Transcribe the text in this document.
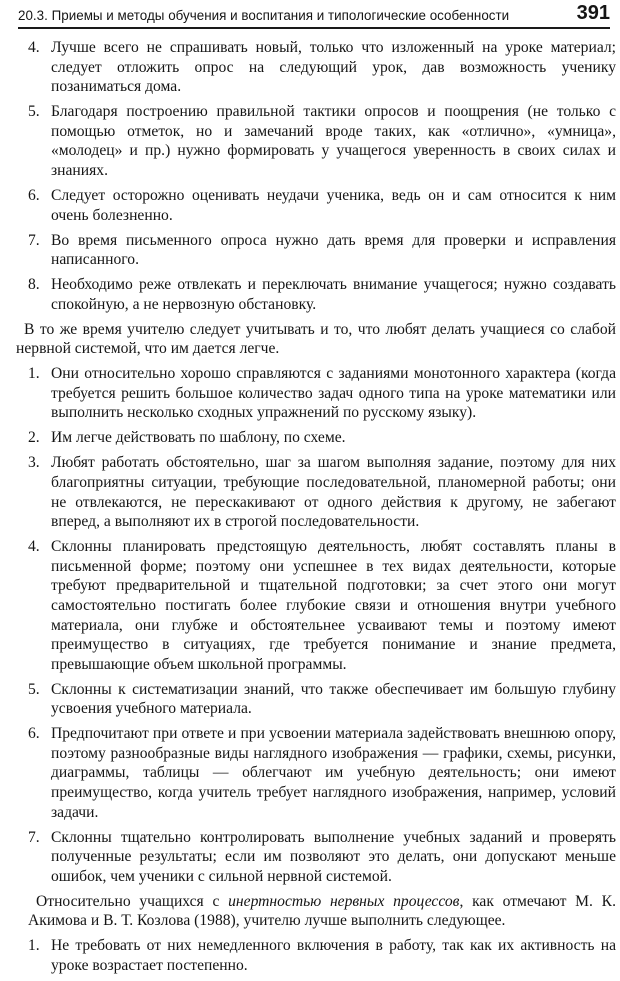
20.3. Приемы и методы обучения и воспитания и типологические особенности	391
4. Лучше всего не спрашивать новый, только что изложенный на уроке материал; следует отложить опрос на следующий урок, дав возможность ученику позаниматься дома.
5. Благодаря построению правильной тактики опросов и поощрения (не только с помощью отметок, но и замечаний вроде таких, как «отлично», «умница», «молодец» и пр.) нужно формировать у учащегося уверенность в своих силах и знаниях.
6. Следует осторожно оценивать неудачи ученика, ведь он и сам относится к ним очень болезненно.
7. Во время письменного опроса нужно дать время для проверки и исправления написанного.
8. Необходимо реже отвлекать и переключать внимание учащегося; нужно создавать спокойную, а не нервозную обстановку.

В то же время учителю следует учитывать и то, что любят делать учащиеся со слабой нервной системой, что им дается легче.

1. Они относительно хорошо справляются с заданиями монотонного характера (когда требуется решить большое количество задач одного типа на уроке математики или выполнить несколько сходных упражнений по русскому языку).
2. Им легче действовать по шаблону, по схеме.
3. Любят работать обстоятельно, шаг за шагом выполняя задание, поэтому для них благоприятны ситуации, требующие последовательной, планомерной работы; они не отвлекаются, не перескакивают от одного действия к другому, не забегают вперед, а выполняют их в строгой последовательности.
4. Склонны планировать предстоящую деятельность, любят составлять планы в письменной форме; поэтому они успешнее в тех видах деятельности, которые требуют предварительной и тщательной подготовки; за счет этого они могут самостоятельно постигать более глубокие связи и отношения внутри учебного материала, они глубже и обстоятельнее усваивают темы и поэтому имеют преимущество в ситуациях, где требуется понимание и знание предмета, превышающие объем школьной программы.
5. Склонны к систематизации знаний, что также обеспечивает им большую глубину усвоения учебного материала.
6. Предпочитают при ответе и при усвоении материала задействовать внешнюю опору, поэтому разнообразные виды наглядного изображения — графики, схемы, рисунки, диаграммы, таблицы — облегчают им учебную деятельность; они имеют преимущество, когда учитель требует наглядного изображения, например, условий задачи.
7. Склонны тщательно контролировать выполнение учебных заданий и проверять полученные результаты; если им позволяют это делать, они допускают меньше ошибок, чем ученики с сильной нервной системой.

Относительно учащихся с инертностью нервных процессов, как отмечают М. К. Акимова и В. Т. Козлова (1988), учителю лучше выполнить следующее.

1. Не требовать от них немедленного включения в работу, так как их активность на уроке возрастает постепенно.
